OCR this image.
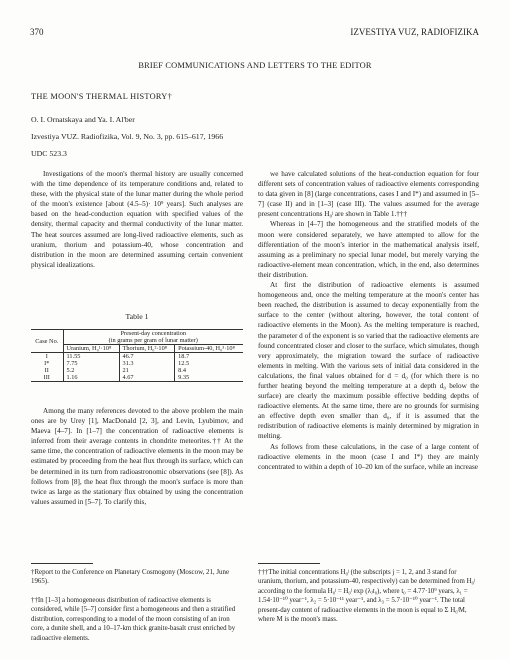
370	IZVESTIYA VUZ, RADIOFIZIKA
BRIEF COMMUNICATIONS AND LETTERS TO THE EDITOR
THE MOON'S THERMAL HISTORY†
O. I. Ornatskaya and Ya. I. Al'ber
Izvestiya VUZ. Radiofizika, Vol. 9, No. 3, pp. 615–617, 1966
UDC 523.3

Investigations of the moon's thermal history are usually concerned with the time dependence of its temperature conditions and, related to these, with the physical state of the lunar matter during the whole period of the moon's existence [about (4.5–5)· 10⁹ years]. Such analyses are based on the head-conduction equation with specified values of the density, thermal capacity and thermal conductivity of the lunar matter. The heat sources assumed are long-lived radioactive elements, such as uranium, thorium and potassium-40, whose concentration and distribution in the moon are determined assuming certain convenient physical idealizations.

Table 1
Case No.	Present-day concentration
(in grams per gram of lunar matter)		

	Uranium, H₀¹·10⁸	Thorium, H₀²·10⁸	Potassium-40, H₀³·10⁸
I	11.55	46.7	18.7
I*	7.75	31.3	12.5
II	5.2	21	8.4
III	1.16	4.67	9.35

Among the many references devoted to the above problem the main ones are by Urey [1], MacDonald [2, 3], and Levin, Lyubimov, and Maeva [4–7]. In [1–7] the concentration of radioactive elements is inferred from their average contents in chondrite meteorites.†† At the same time, the concentration of radioactive elements in the moon may be estimated by proceeding from the heat flux through its surface, which can be determined in its turn from radioastronomic observations (see [8]). As follows from [8], the heat flux through the moon's surface is more than twice as large as the stationary flux obtained by using the concentration values assumed in [5–7]. To clarify this,

†Report to the Conference on Planetary Cosmogony (Moscow, 21, June 1965).

††In [1–3] a homogeneous distribution of radioactive elements is considered, while [5–7] consider first a homogeneous and then a stratified distribution, corresponding to a model of the moon consisting of an iron core, a dunite shell, and a 10–17-km thick granite-basalt crust enriched by radioactive elements.

we have calculated solutions of the heat-conduction equation for four different sets of concentration values of radioactive elements corresponding to data given in [8] (large concentrations, cases I and I*) and assumed in [5–7] (case II) and in [1–3] (case III). The values assumed for the average present concentrations H₀ʲ are shown in Table 1.†††

Whereas in [4–7] the homogeneous and the stratified models of the moon were considered separately, we have attempted to allow for the differentiation of the moon's interior in the mathematical analysis itself, assuming as a preliminary no special lunar model, but merely varying the radioactive-element mean concentration, which, in the end, also determines their distribution.

At first the distribution of radioactive elements is assumed homogeneous and, once the melting temperature at the moon's center has been reached, the distribution is assumed to decay exponentially from the surface to the center (without altering, however, the total content of radioactive elements in the Moon). As the melting temperature is reached, the parameter d of the exponent is so varied that the radioactive elements are found concentrated closer and closer to the surface, which simulates, though very approximately, the migration toward the surface of radioactive elements in melting. With the various sets of initial data considered in the calculations, the final values obtained for d = d₀ (for which there is no further heating beyond the melting temperature at a depth d₀ below the surface) are clearly the maximum possible effective bedding depths of radioactive elements. At the same time, there are no grounds for surmising an effective depth even smaller than d₀, if it is assumed that the redistribution of radioactive elements is mainly determined by migration in melting.

As follows from these calculations, in the case of a large content of radioactive elements in the moon (case I and I*) they are mainly concentrated to within a depth of 10–20 km of the surface, while an increase

†††The initial concentrations H₀ʲ (the subscripts j = 1, 2, and 3 stand for uranium, thorium, and potassium-40, respectively) can be determined from H₀ʲ according to the formula H₀ʲ = H₀ʲ exp (λⱼt₀), where t₀ = 4.77·10⁹ years, λ₁ = 1.54·10⁻¹⁰ year⁻¹, λ₂ = 5·10⁻¹¹ year⁻¹, and λ₃ = 5.7·10⁻¹⁰ year⁻¹. The total present-day content of radioactive elements in the moon is equal to Σ H₀ʲM, where M is the moon's mass.
